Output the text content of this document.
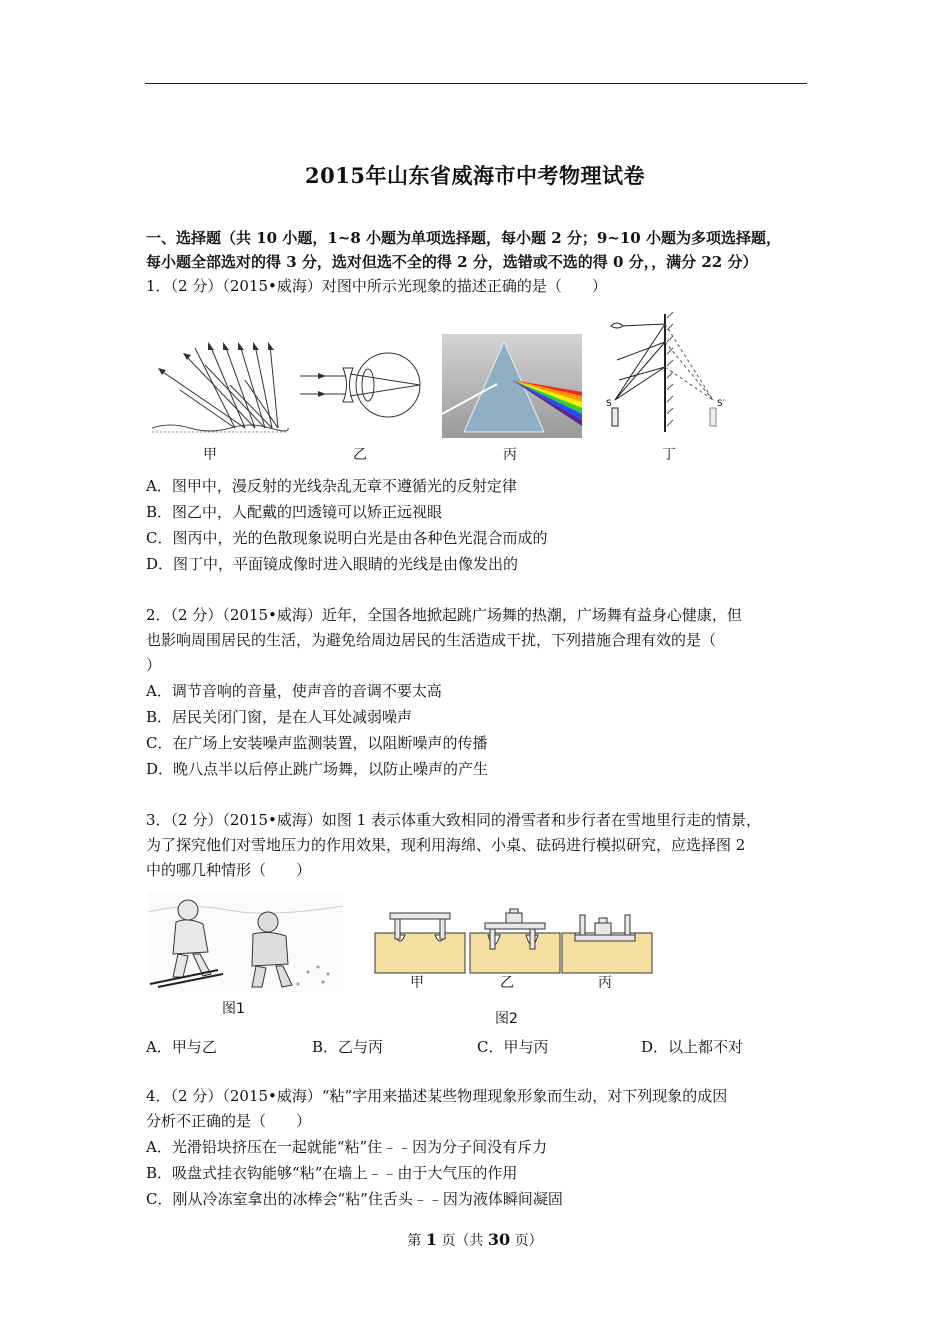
2015年山东省威海市中考物理试卷
一、选择题（共 10 小题，1~8 小题为单项选择题，每小题 2 分；9~10 小题为多项选择题，
每小题全部选对的得 3 分，选对但选不全的得 2 分，选错或不选的得 0 分，，满分 22 分）
1．（2 分）（2015•威海）对图中所示光现象的描述正确的是（　　）
甲	乙	丙
S	S′
丁
A．图甲中，漫反射的光线杂乱无章不遵循光的反射定律
B．图乙中，人配戴的凹透镜可以矫正远视眼
C．图丙中，光的色散现象说明白光是由各种色光混合而成的
D．图丁中，平面镜成像时进入眼睛的光线是由像发出的
2．（2 分）（2015•威海）近年，全国各地掀起跳广场舞的热潮，广场舞有益身心健康，但
也影响周围居民的生活，为避免给周边居民的生活造成干扰，下列措施合理有效的是（
）
A．调节音响的音量，使声音的音调不要太高
B．居民关闭门窗，是在人耳处减弱噪声
C．在广场上安装噪声监测装置，以阻断噪声的传播
D．晚八点半以后停止跳广场舞，以防止噪声的产生
3．（2 分）（2015•威海）如图 1 表示体重大致相同的滑雪者和步行者在雪地里行走的情景，
为了探究他们对雪地压力的作用效果，现利用海绵、小桌、砝码进行模拟研究，应选择图 2
中的哪几种情形（　　）
图1
甲	乙	丙
图2
A．甲与乙	B．乙与丙	C．甲与丙	D．以上都不对
4．（2 分）（2015•威海）“粘”字用来描述某些物理现象形象而生动，对下列现象的成因
分析不正确的是（　　）
A．光滑铅块挤压在一起就能“粘”住﹣﹣因为分子间没有斥力
B．吸盘式挂衣钩能够“粘”在墙上﹣﹣由于大气压的作用
C．刚从冷冻室拿出的冰棒会“粘”住舌头﹣﹣因为液体瞬间凝固
第 1 页（共 30 页）
